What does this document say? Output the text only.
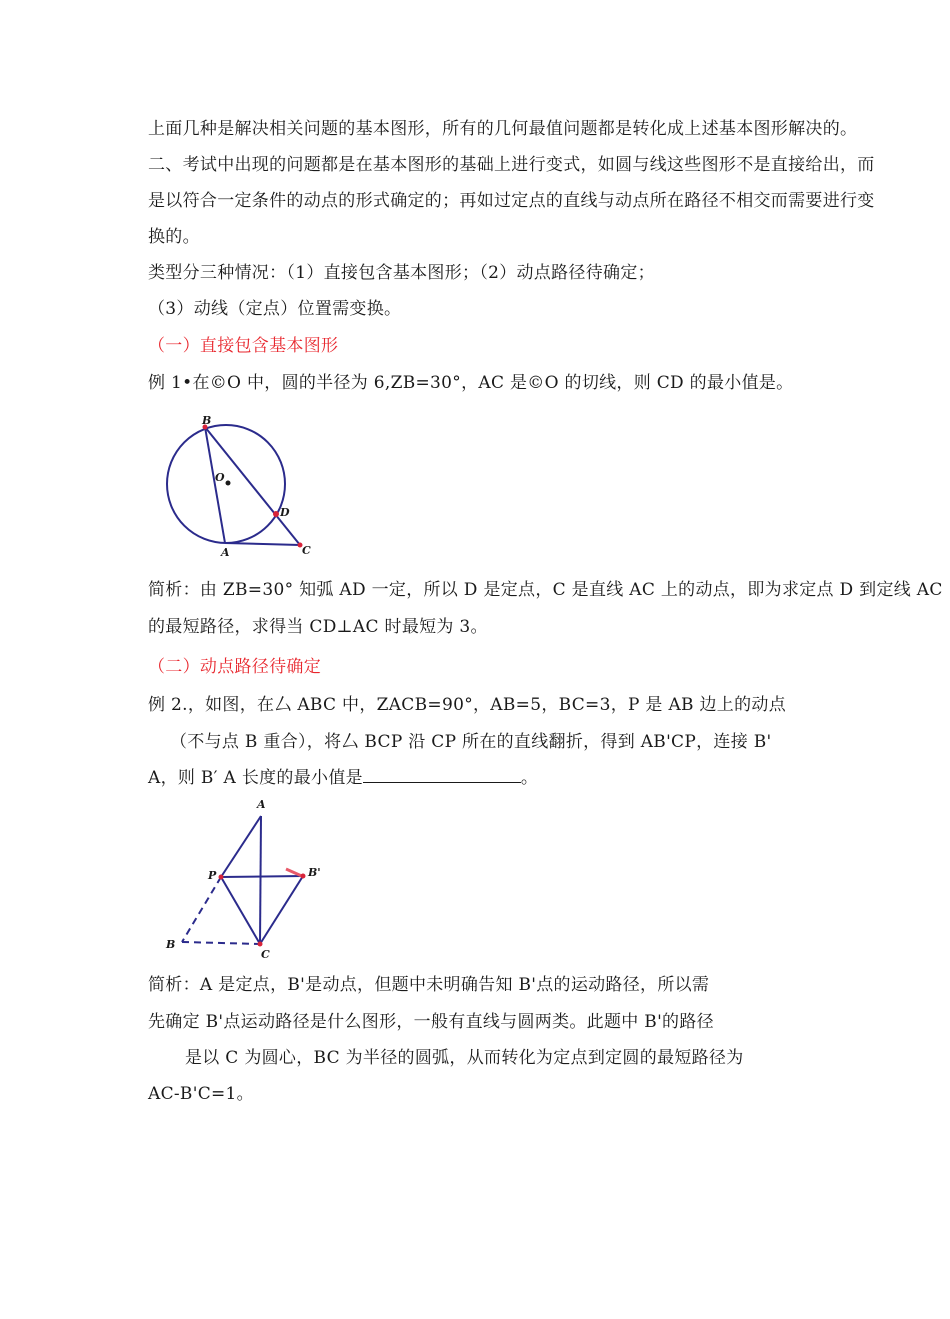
上面几种是解决相关问题的基本图形，所有的几何最值问题都是转化成上述基本图形解决的。
二、考试中出现的问题都是在基本图形的基础上进行变式，如圆与线这些图形不是直接给出，而
是以符合一定条件的动点的形式确定的；再如过定点的直线与动点所在路径不相交而需要进行变
换的。
类型分三种情况：（1）直接包含基本图形；（2）动点路径待确定；
（3）动线（定点）位置需变换。
（一）直接包含基本图形
例 1•在©O 中，圆的半径为 6,ZB=30°，AC 是©O 的切线，则 CD 的最小值是。
B
O
D
A	C
简析：由 ZB=30° 知弧 AD 一定，所以 D 是定点，C 是直线 AC 上的动点，即为求定点 D 到定线 AC
的最短路径，求得当 CD⊥AC 时最短为 3。
（二）动点路径待确定
例 2.，如图，在厶 ABC 中，ZACB=90°，AB=5，BC=3，P 是 AB 边上的动点
（不与点 B 重合），将厶 BCP 沿 CP 所在的直线翻折，得到 AB'CP，连接 B'
A，则 B′ A 长度的最小值是	。
A
P	B'
B
C
简析：A 是定点，B'是动点，但题中未明确告知 B'点的运动路径，所以需
先确定 B'点运动路径是什么图形，一般有直线与圆两类。此题中 B'的路径
是以 C 为圆心，BC 为半径的圆弧，从而转化为定点到定圆的最短路径为
AC-B'C=1。
